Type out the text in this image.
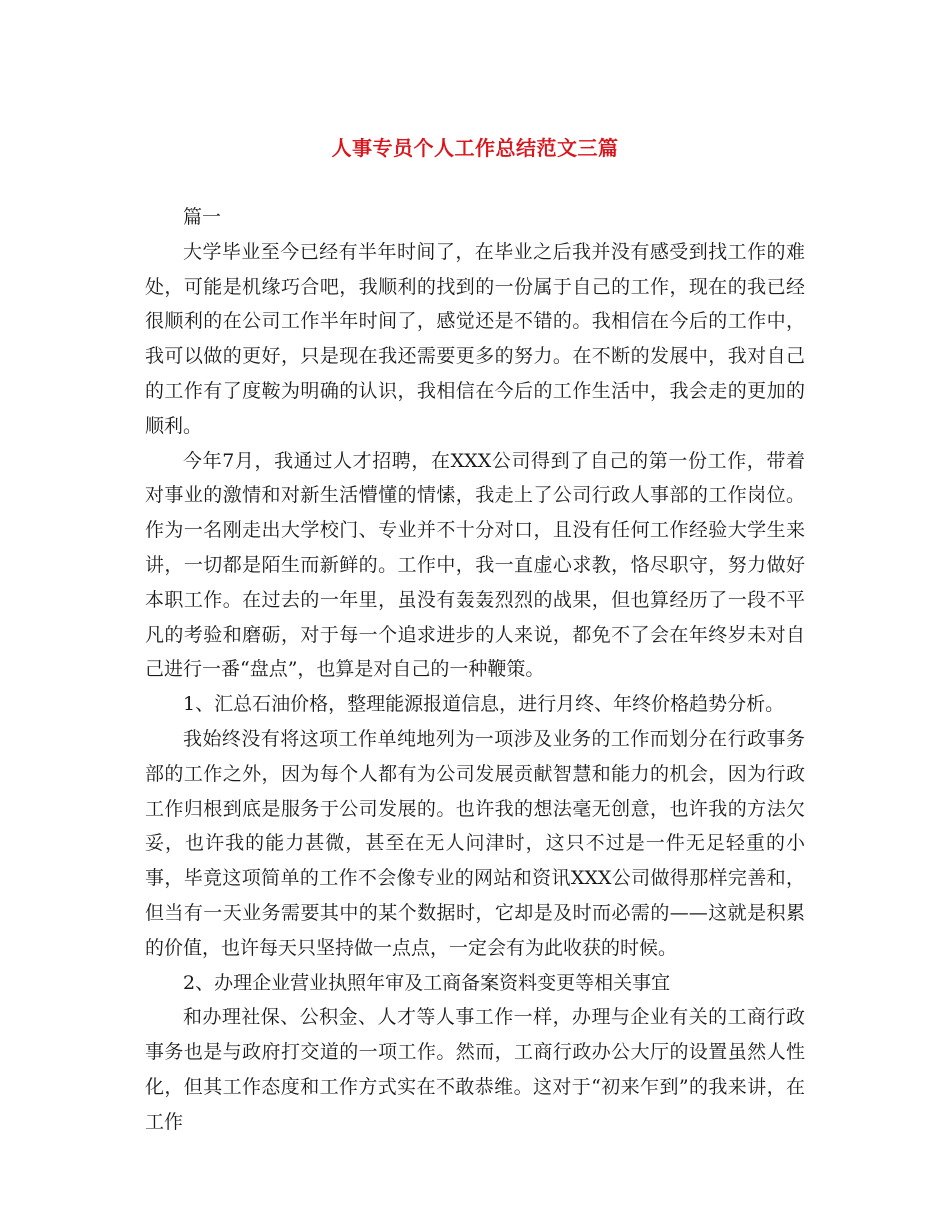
人事专员个人工作总结范文三篇

篇一

大学毕业至今已经有半年时间了，在毕业之后我并没有感受到找工作的难处，可能是机缘巧合吧，我顺利的找到的一份属于自己的工作，现在的我已经很顺利的在公司工作半年时间了，感觉还是不错的。我相信在今后的工作中，我可以做的更好，只是现在我还需要更多的努力。在不断的发展中，我对自己的工作有了度鞍为明确的认识，我相信在今后的工作生活中，我会走的更加的顺利。

今年7月，我通过人才招聘，在XXX公司得到了自己的第一份工作，带着对事业的激情和对新生活懵懂的情愫，我走上了公司行政人事部的工作岗位。作为一名刚走出大学校门、专业并不十分对口，且没有任何工作经验大学生来讲，一切都是陌生而新鲜的。工作中，我一直虚心求教，恪尽职守，努力做好本职工作。在过去的一年里，虽没有轰轰烈烈的战果，但也算经历了一段不平凡的考验和磨砺，对于每一个追求进步的人来说，都免不了会在年终岁未对自己进行一番“盘点”，也算是对自己的一种鞭策。

1、汇总石油价格，整理能源报道信息，进行月终、年终价格趋势分析。

我始终没有将这项工作单纯地列为一项涉及业务的工作而划分在行政事务部的工作之外，因为每个人都有为公司发展贡献智慧和能力的机会，因为行政工作归根到底是服务于公司发展的。也许我的想法毫无创意，也许我的方法欠妥，也许我的能力甚微，甚至在无人问津时，这只不过是一件无足轻重的小事，毕竟这项简单的工作不会像专业的网站和资讯XXX公司做得那样完善和，但当有一天业务需要其中的某个数据时，它却是及时而必需的——这就是积累的价值，也许每天只坚持做一点点，一定会有为此收获的时候。

2、办理企业营业执照年审及工商备案资料变更等相关事宜

和办理社保、公积金、人才等人事工作一样，办理与企业有关的工商行政事务也是与政府打交道的一项工作。然而，工商行政办公大厅的设置虽然人性化，但其工作态度和工作方式实在不敢恭维。这对于“初来乍到”的我来讲，在工作
